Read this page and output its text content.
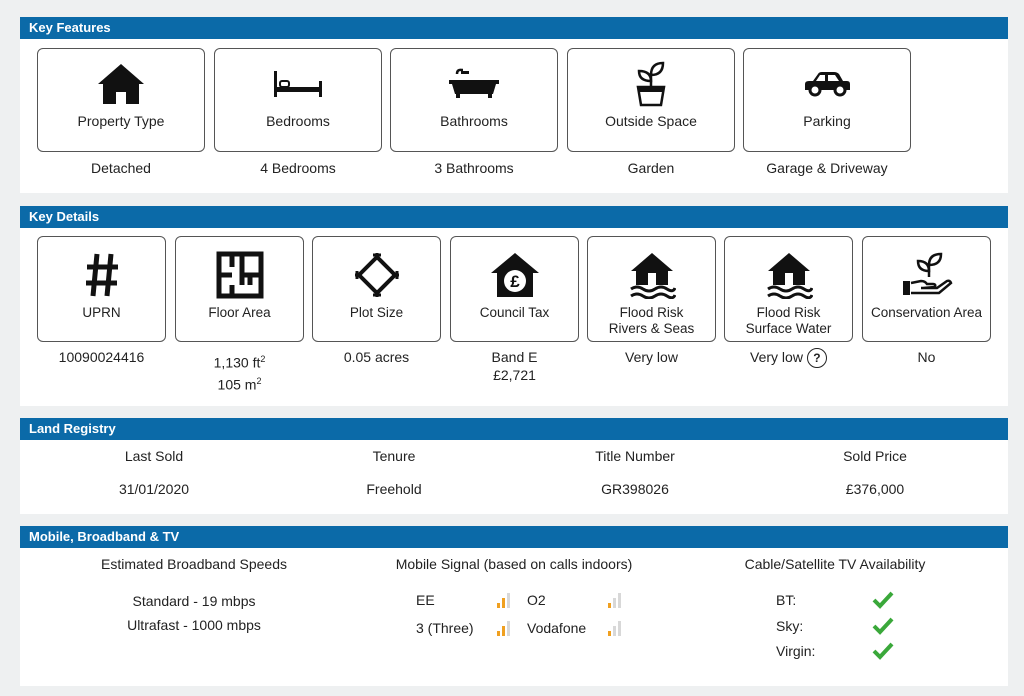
Key Features
Property Type
Detached
Bedrooms
4 Bedrooms
Bathrooms
3 Bathrooms
Outside Space
Garden
Parking
Garage & Driveway
Key Details
UPRN
10090024416
Floor Area
1,130 $ft^2$
105 $m^2$
Plot Size
0.05 acres
£
Council Tax
Band E
£2,721
Flood Risk
Rivers & Seas
Very low
Flood Risk
Surface Water
Very low ?
Conservation Area
No
Land Registry
Last Sold
31/01/2020
Tenure
Freehold
Title Number
GR398026
Sold Price
£376,000
Mobile, Broadband & TV
Estimated Broadband Speeds
Standard - 19 mbps
Ultrafast - 1000 mbps
Mobile Signal (based on calls indoors)
EE	O2
3 (Three)	Vodafone
Cable/Satellite TV Availability
BT:
Sky:
Virgin:
